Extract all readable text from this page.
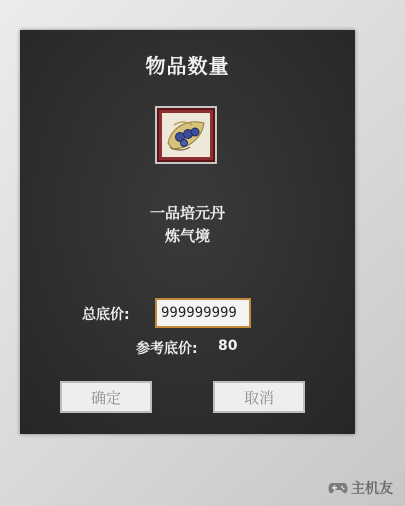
物品数量
一品培元丹
炼气境
总底价:
999999999
参考底价: 80
确定	取消
主机友
